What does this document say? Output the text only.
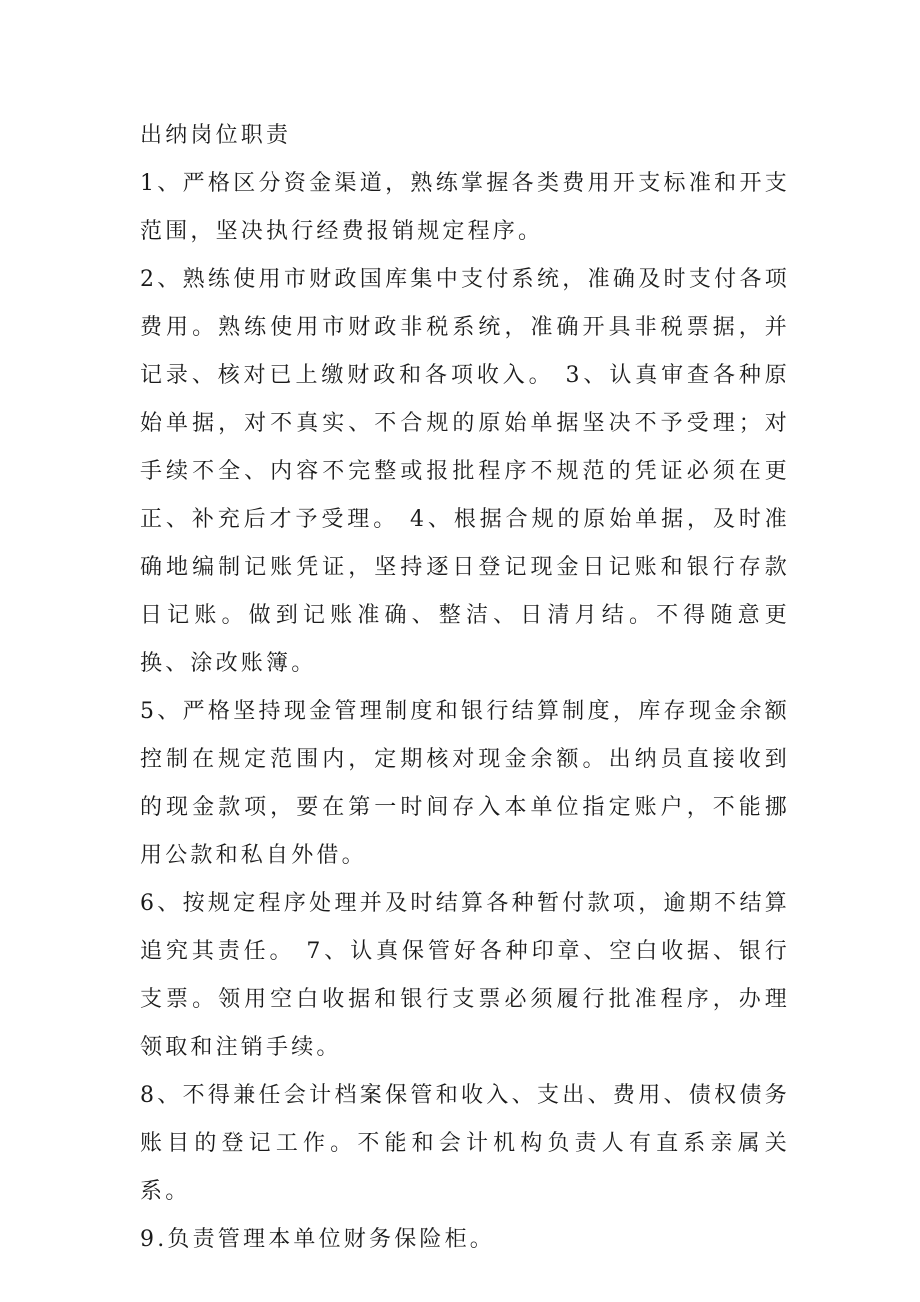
出纳岗位职责

1、严格区分资金渠道，熟练掌握各类费用开支标准和开支范围，坚决执行经费报销规定程序。

2、熟练使用市财政国库集中支付系统，准确及时支付各项费用。熟练使用市财政非税系统，准确开具非税票据，并记录、核对已上缴财政和各项收入。 3、认真审查各种原始单据，对不真实、不合规的原始单据坚决不予受理；对手续不全、内容不完整或报批程序不规范的凭证必须在更正、补充后才予受理。 4、根据合规的原始单据，及时准确地编制记账凭证，坚持逐日登记现金日记账和银行存款日记账。做到记账准确、整洁、日清月结。不得随意更换、涂改账簿。

5、严格坚持现金管理制度和银行结算制度，库存现金余额控制在规定范围内，定期核对现金余额。出纳员直接收到的现金款项，要在第一时间存入本单位指定账户，不能挪用公款和私自外借。

6、按规定程序处理并及时结算各种暂付款项，逾期不结算追究其责任。 7、认真保管好各种印章、空白收据、银行支票。领用空白收据和银行支票必须履行批准程序，办理领取和注销手续。

8、不得兼任会计档案保管和收入、支出、费用、债权债务账目的登记工作。不能和会计机构负责人有直系亲属关系。

9.负责管理本单位财务保险柜。
